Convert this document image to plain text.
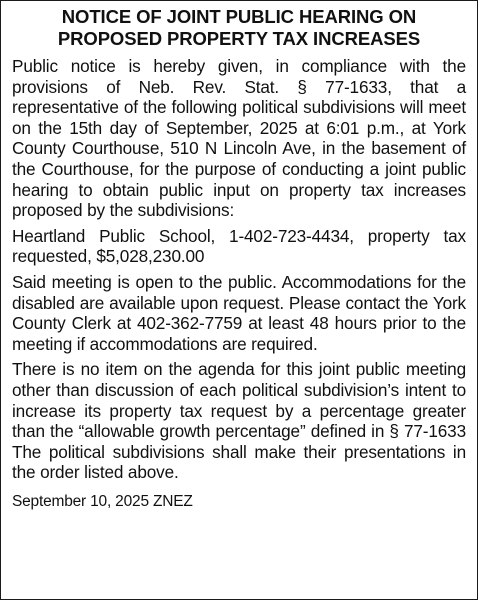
NOTICE OF JOINT PUBLIC HEARING ON
PROPOSED PROPERTY TAX INCREASES

Public notice is hereby given, in compliance with the provisions of Neb. Rev. Stat. § 77-1633, that a representative of the following political subdivisions will meet on the 15th day of September, 2025 at 6:01 p.m., at York County Courthouse, 510 N Lincoln Ave, in the basement of the Courthouse, for the purpose of conducting a joint public hearing to obtain public input on property tax increases proposed by the subdivisions:

Heartland Public School, 1-402-723-4434, property tax requested, $5,028,230.00

Said meeting is open to the public. Accommodations for the disabled are available upon request. Please contact the York County Clerk at 402-362-7759 at least 48 hours prior to the meeting if accommodations are required.

There is no item on the agenda for this joint public meeting other than discussion of each political subdivision’s intent to increase its property tax request by a percentage greater than the “allowable growth percentage” defined in § 77-1633 The political subdivisions shall make their presentations in the order listed above.

September 10, 2025 ZNEZ
